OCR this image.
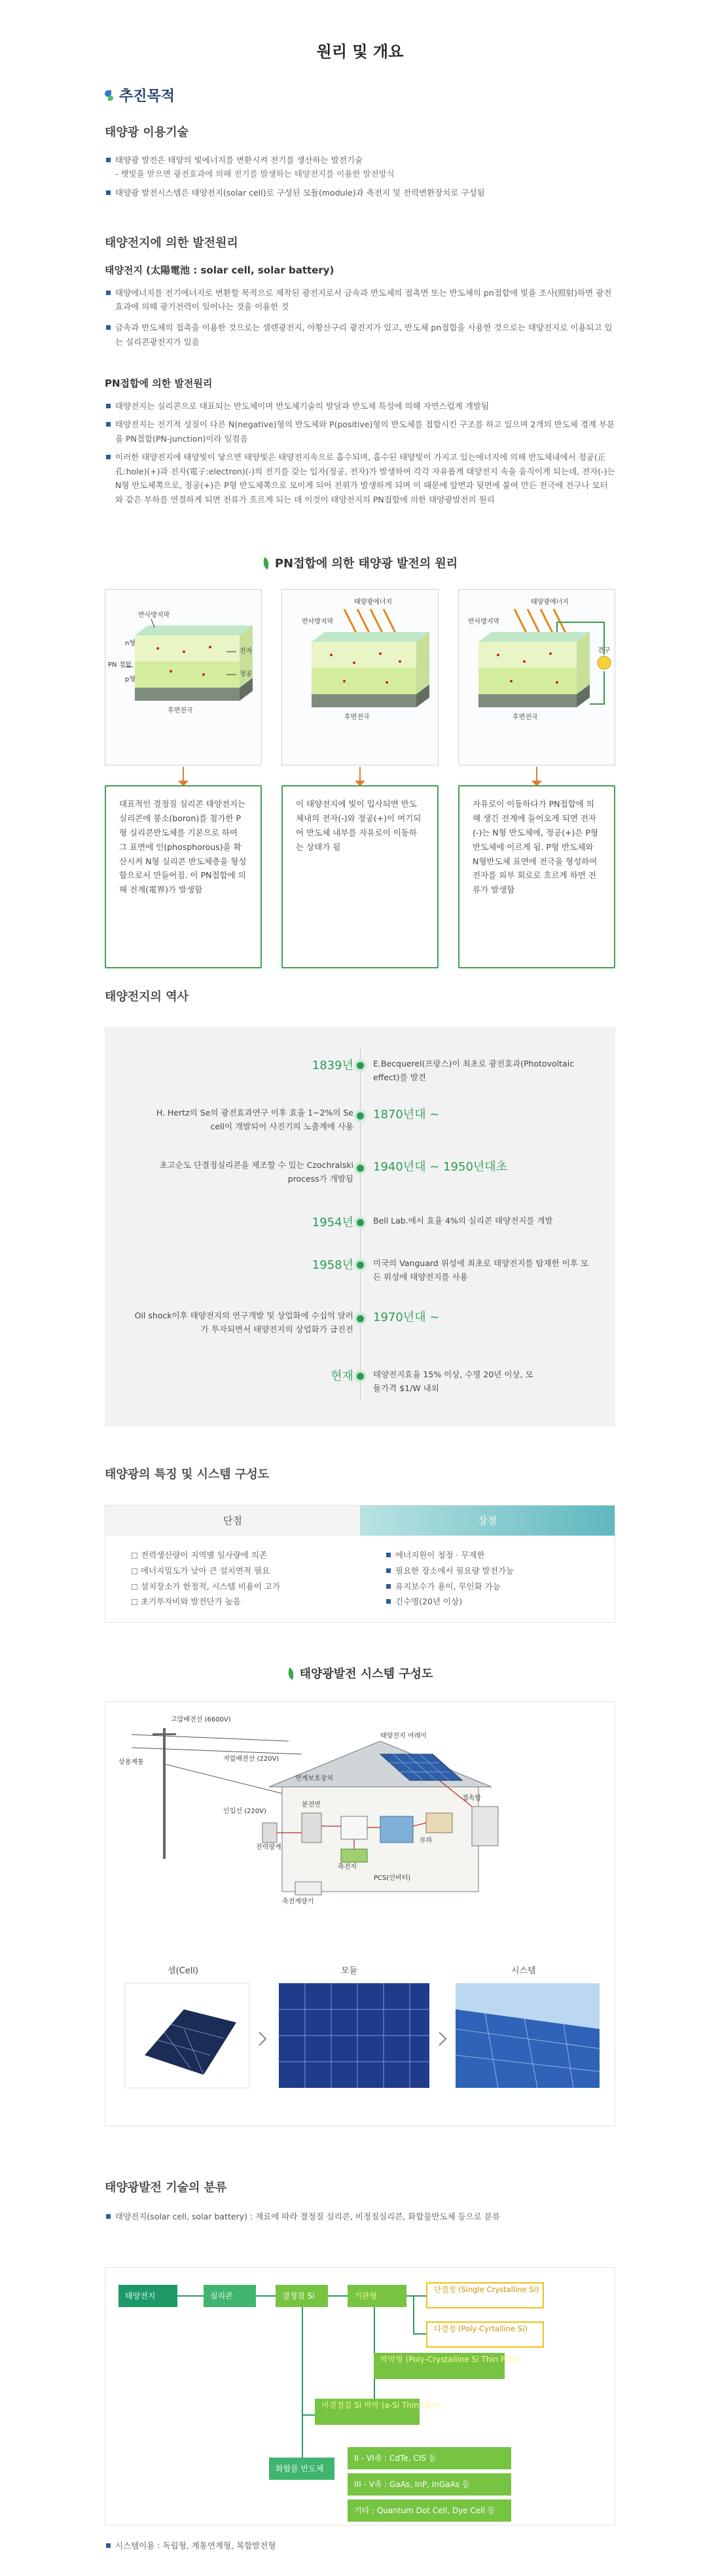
원리 및 개요
추진목적
태양광 이용기술
태양광 발전은 태양의 빛에너지를 변환시켜 전기를 생산하는 발전기술
- 햇빛을 받으면 광전효과에 의해 전기를 발생하는 태양전지를 이용한 발전방식
태양광 발전시스템은 태양전지(solar cell)로 구성된 모듈(module)과 축전지 및 전력변환장치로 구성됨
태양전지에 의한 발전원리
태양전지 (太陽電池 : solar cell, solar battery)
태양에너지를 전기에너지로 변환할 목적으로 제작된 광전지로서 금속과 반도체의 접촉면 또는 반도체의 pn접합에 빛을 조사(照射)하면 광전효과에 의해 광기전력이 일어나는 것을 이용한 것
금속과 반도체의 접촉을 이용한 것으로는 셀렌광전지, 아황산구리 광전지가 있고, 반도체 pn접합을 사용한 것으로는 태양전지로 이용되고 있는 실리콘광전지가 있음
PN접합에 의한 발전원리
태양전지는 실리콘으로 대표되는 반도체이며 반도체기술의 발달과 반도체 특성에 의해 자연스럽게 개발됨
태양전지는 전기적 성질이 다른 N(negative)형의 반도체와 P(positive)형의 반도체를 접합시킨 구조를 하고 있으며 2개의 반도체 경계 부분을 PN접합(PN-junction)이라 일컬음
이러한 태양전지에 태양빛이 닿으면 태양빛은 태양전지속으로 흡수되며, 흡수된 태양빛이 가지고 있는에너지에 의해 반도체내에서 정공(正孔:hole)(+)과 전자(電子:electron)(-)의 전기를 갖는 입자(정공, 전자)가 발생하여 각각 자유롭게 태양전지 속을 움직이게 되는데, 전자(-)는 N형 반도체쪽으로, 정공(+)은 P형 반도체쪽으로 모이게 되어 전위가 발생하게 되며 이 때문에 앞면과 뒷면에 붙여 만든 전극에 전구나 모터와 같은 부하를 연결하게 되면 전류가 흐르게 되는 데 이것이 태양전지의 PN접합에 의한 태양광발전의 원리
PN접합에 의한 태양광 발전의 원리
반사방지막
PN 접합
n형
p형
전자
정공
후면전극
반사방지막
태양광에너지
후면전극
반사방지막
태양광에너지
전구
후면전극
대표적인 결정질 실리콘 태양전지는 실리콘에 붕소(boron)를 첨가한 P형 실리콘반도체를 기본으로 하여 그 표면에 인(phosphorous)을 확산시켜 N형 실리콘 반도체층을 형성함으로서 만들어짐. 이 PN접합에 의해 전계(電界)가 발생함
이 태양전지에 빛이 입사되면 반도체내의 전자(-)와 정공(+)이 여기되어 반도체 내부를 자유로이 이동하는 상태가 됨
자유로이 이동하다가 PN접합에 의해 생긴 전계에 들어오게 되면 전자(-)는 N형 반도체에, 정공(+)은 P형 반도체에 이르게 됨. P형 반도체와 N형반도체 표면에 전극을 형성하여 전자를 외부 회로로 흐르게 하면 전류가 발생함
태양전지의 역사
1839년 E.Becquerel(프랑스)이 최초로 광전효과(Photovoltaic effect)를 발견
H. Hertz의 Se의 광전효과연구 이후 효율 1~2%의 Se cell이 개발되어 사진기의 노출계에 사용
1870년대 ~
초고순도 단결정실리콘을 제조할 수 있는 Czochralski process가 개발됨
1940년대 ~ 1950년대초
1954년 Bell Lab.에서 효율 4%의 실리콘 태양전지를 개발
1958년 미국의 Vanguard 위성에 최초로 태양전지를 탑재한 이후 모든 위성에 태양전지를 사용
Oil shock이후 태양전지의 연구개발 및 상업화에 수십억 달러가 투자되면서 태양전지의 상업화가 급진전
1970년대 ~
현재 태양전지효율 15% 이상, 수명 20년 이상, 모듈가격 $1/W 내외
태양광의 특징 및 시스템 구성도
단점	장점
전력생산량이 지역별 일사량에 의존
에너지밀도가 낮아 큰 설치면적 필요
설치장소가 한정적, 시스템 비용이 고가
초기투자비와 발전단가 높음
에너지원이 청정 · 무제한
필요한 장소에서 필요량 발전가능
유지보수가 용이, 무인화 가능
긴수명(20년 이상)
태양광발전 시스템 구성도
고압배전선 (6600V)
상용계통	저압배전선 (220V)
인입선 (220V)
연계보호장치
분전반
태양전지 어레이
접속함
부하
축전지
PCS(인버터)
전력량계
축전계량기
셀(Cell)	모듈	시스템
태양광발전 기술의 분류
태양전지(solar cell, solar battery) : 재료에 따라 결정질 실리콘, 비정질실리콘, 화합물반도체 등으로 분류
태양전지	실리콘	결정질 Si	기판형
단결정 (Single Crystalline Si)
다결정 (Poly-Cyrtalline Si)
박막형 (Poly-Crystalline Si Thin Film)
비결정질 Si 박막 (a-Si Thin Film)
화합물 반도체
II - VI족 : CdTe, CIS 등
III - V족 : GaAs, InP, InGaAs 등
기타 : Quantum Dot Cell, Dye Cell 등
시스템이용 : 독립형, 계통연계형, 복합발전형
